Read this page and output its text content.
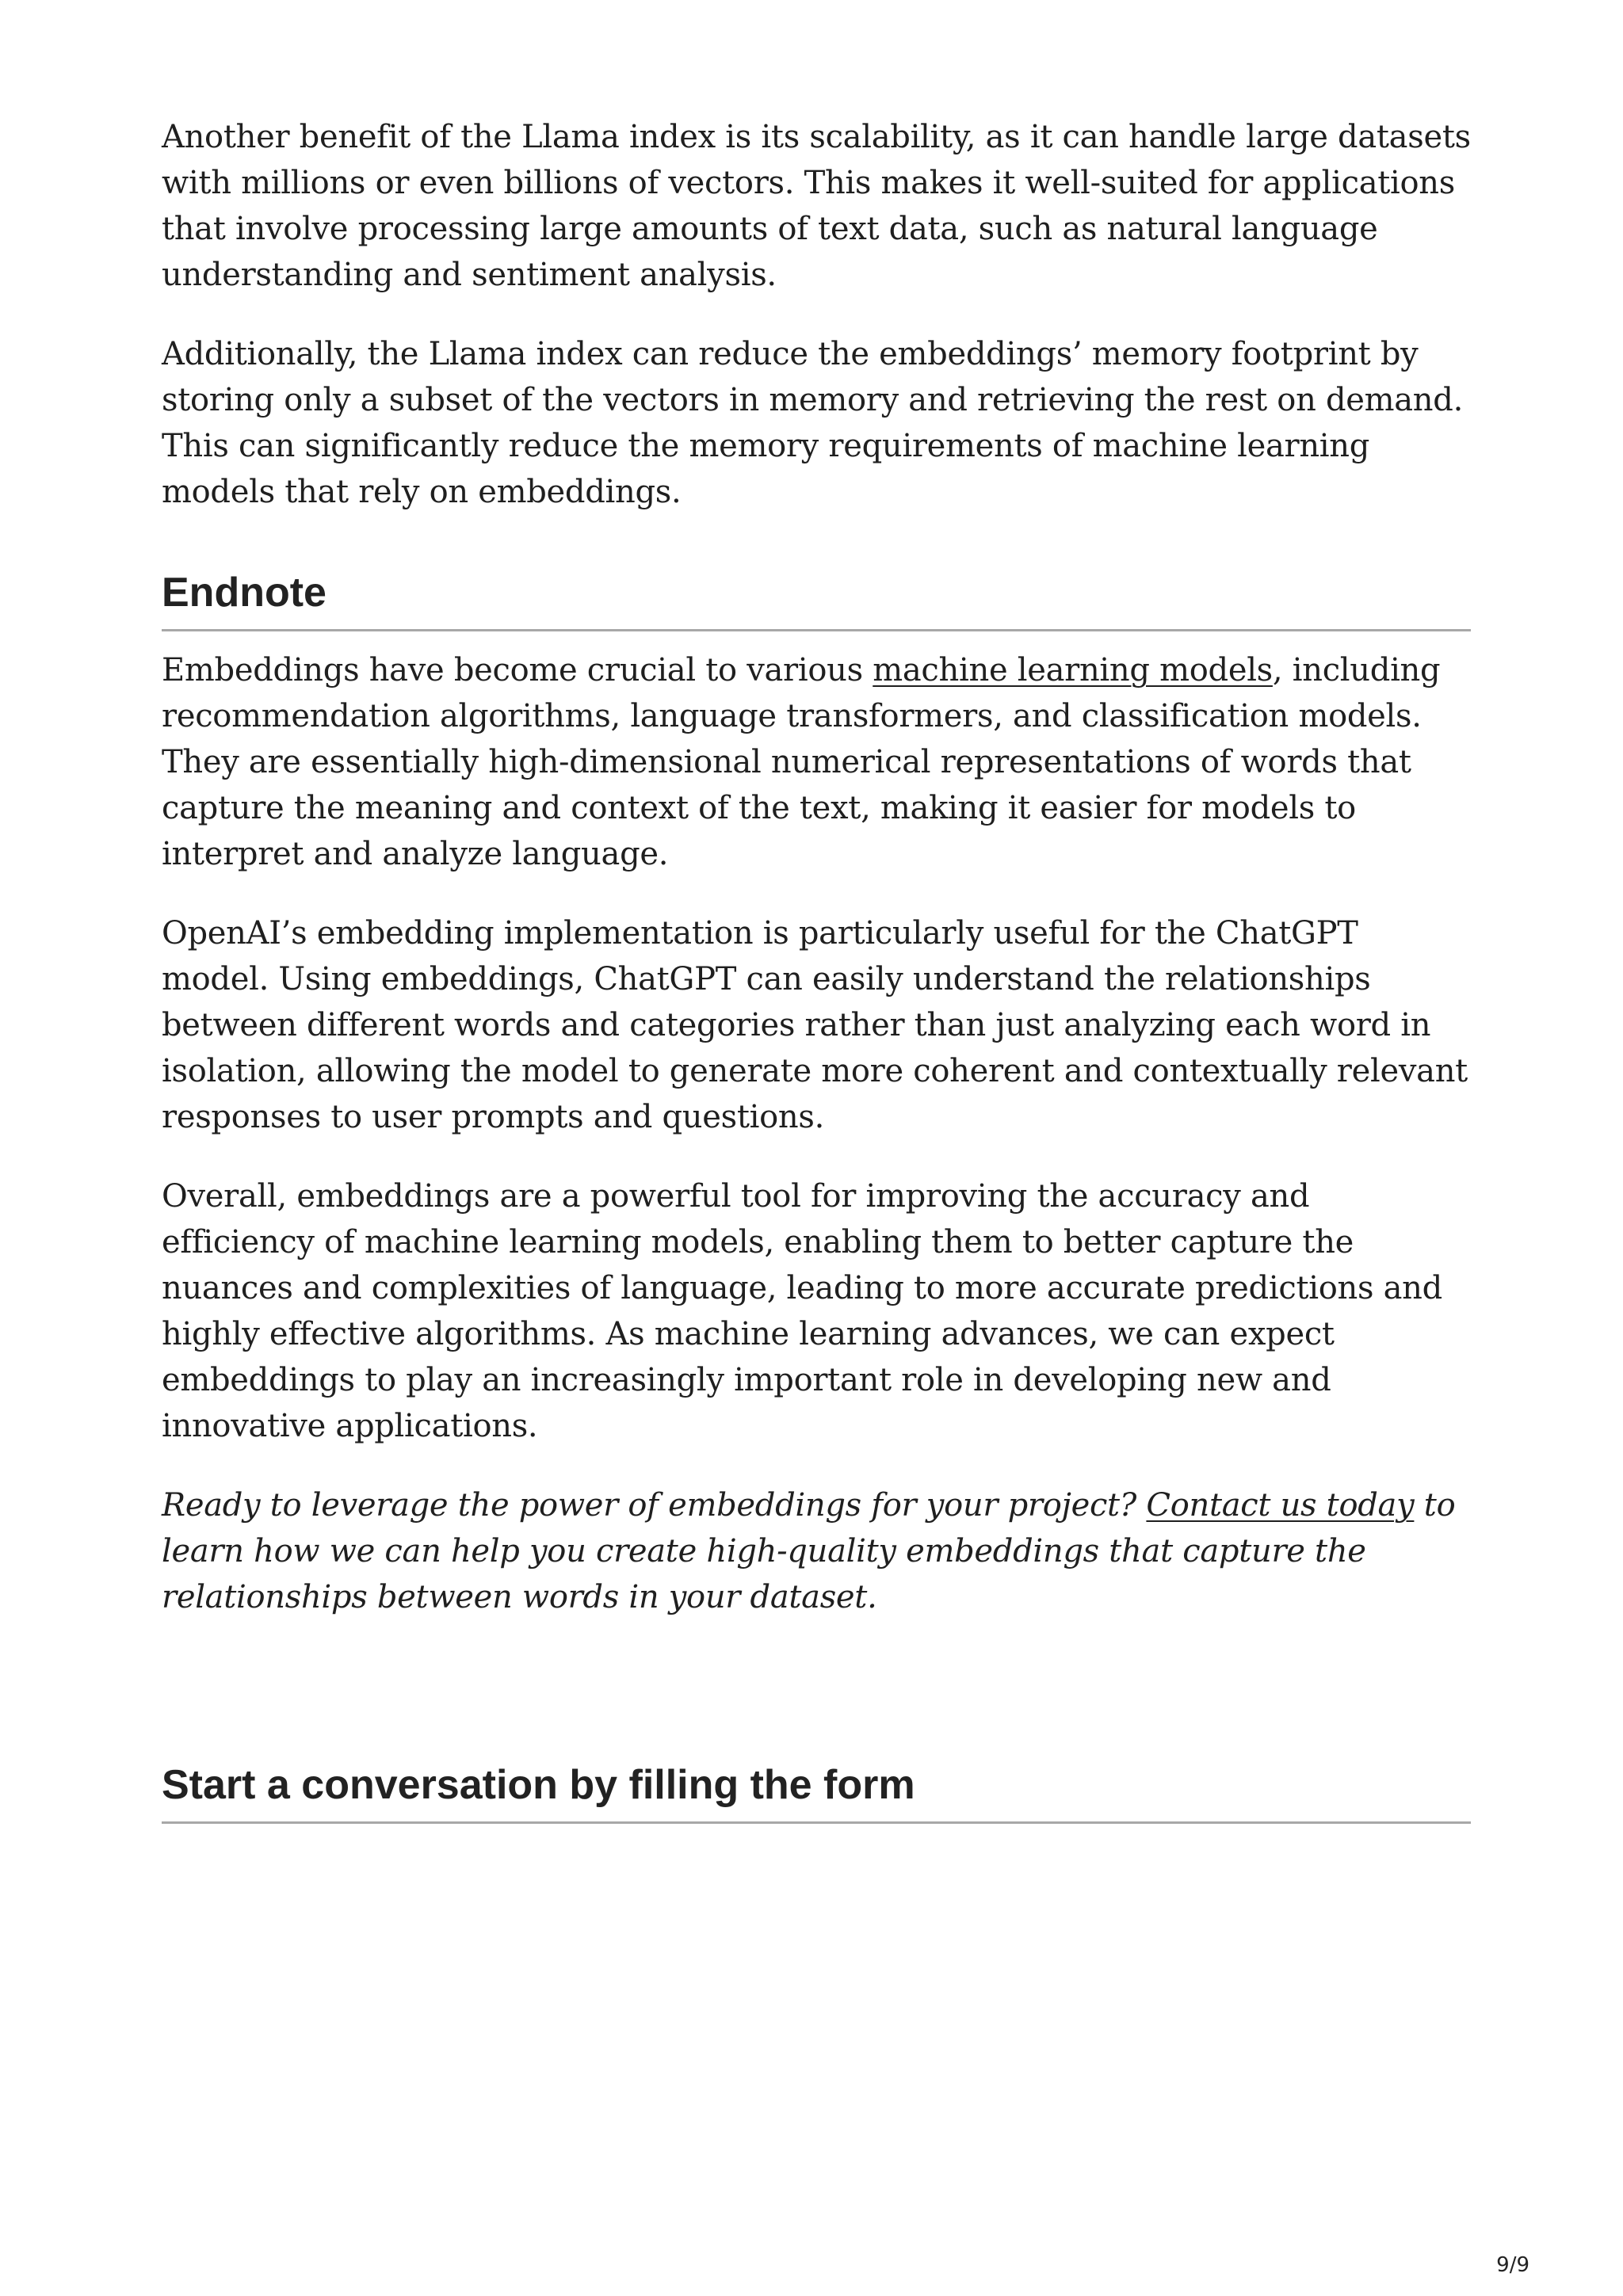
Another benefit of the Llama index is its scalability, as it can handle large datasets with millions or even billions of vectors. This makes it well-suited for applications that involve processing large amounts of text data, such as natural language understanding and sentiment analysis.

Additionally, the Llama index can reduce the embeddings’ memory footprint by storing only a subset of the vectors in memory and retrieving the rest on demand. This can significantly reduce the memory requirements of machine learning models that rely on embeddings.

Endnote

Embeddings have become crucial to various machine learning models, including recommendation algorithms, language transformers, and classification models. They are essentially high-dimensional numerical representations of words that capture the meaning and context of the text, making it easier for models to interpret and analyze language.

OpenAI’s embedding implementation is particularly useful for the ChatGPT model. Using embeddings, ChatGPT can easily understand the relationships between different words and categories rather than just analyzing each word in isolation, allowing the model to generate more coherent and contextually relevant responses to user prompts and questions.

Overall, embeddings are a powerful tool for improving the accuracy and efficiency of machine learning models, enabling them to better capture the nuances and complexities of language, leading to more accurate predictions and highly effective algorithms. As machine learning advances, we can expect embeddings to play an increasingly important role in developing new and innovative applications.

Ready to leverage the power of embeddings for your project? Contact us today to learn how we can help you create high-quality embeddings that capture the relationships between words in your dataset.

Start a conversation by filling the form
9/9
